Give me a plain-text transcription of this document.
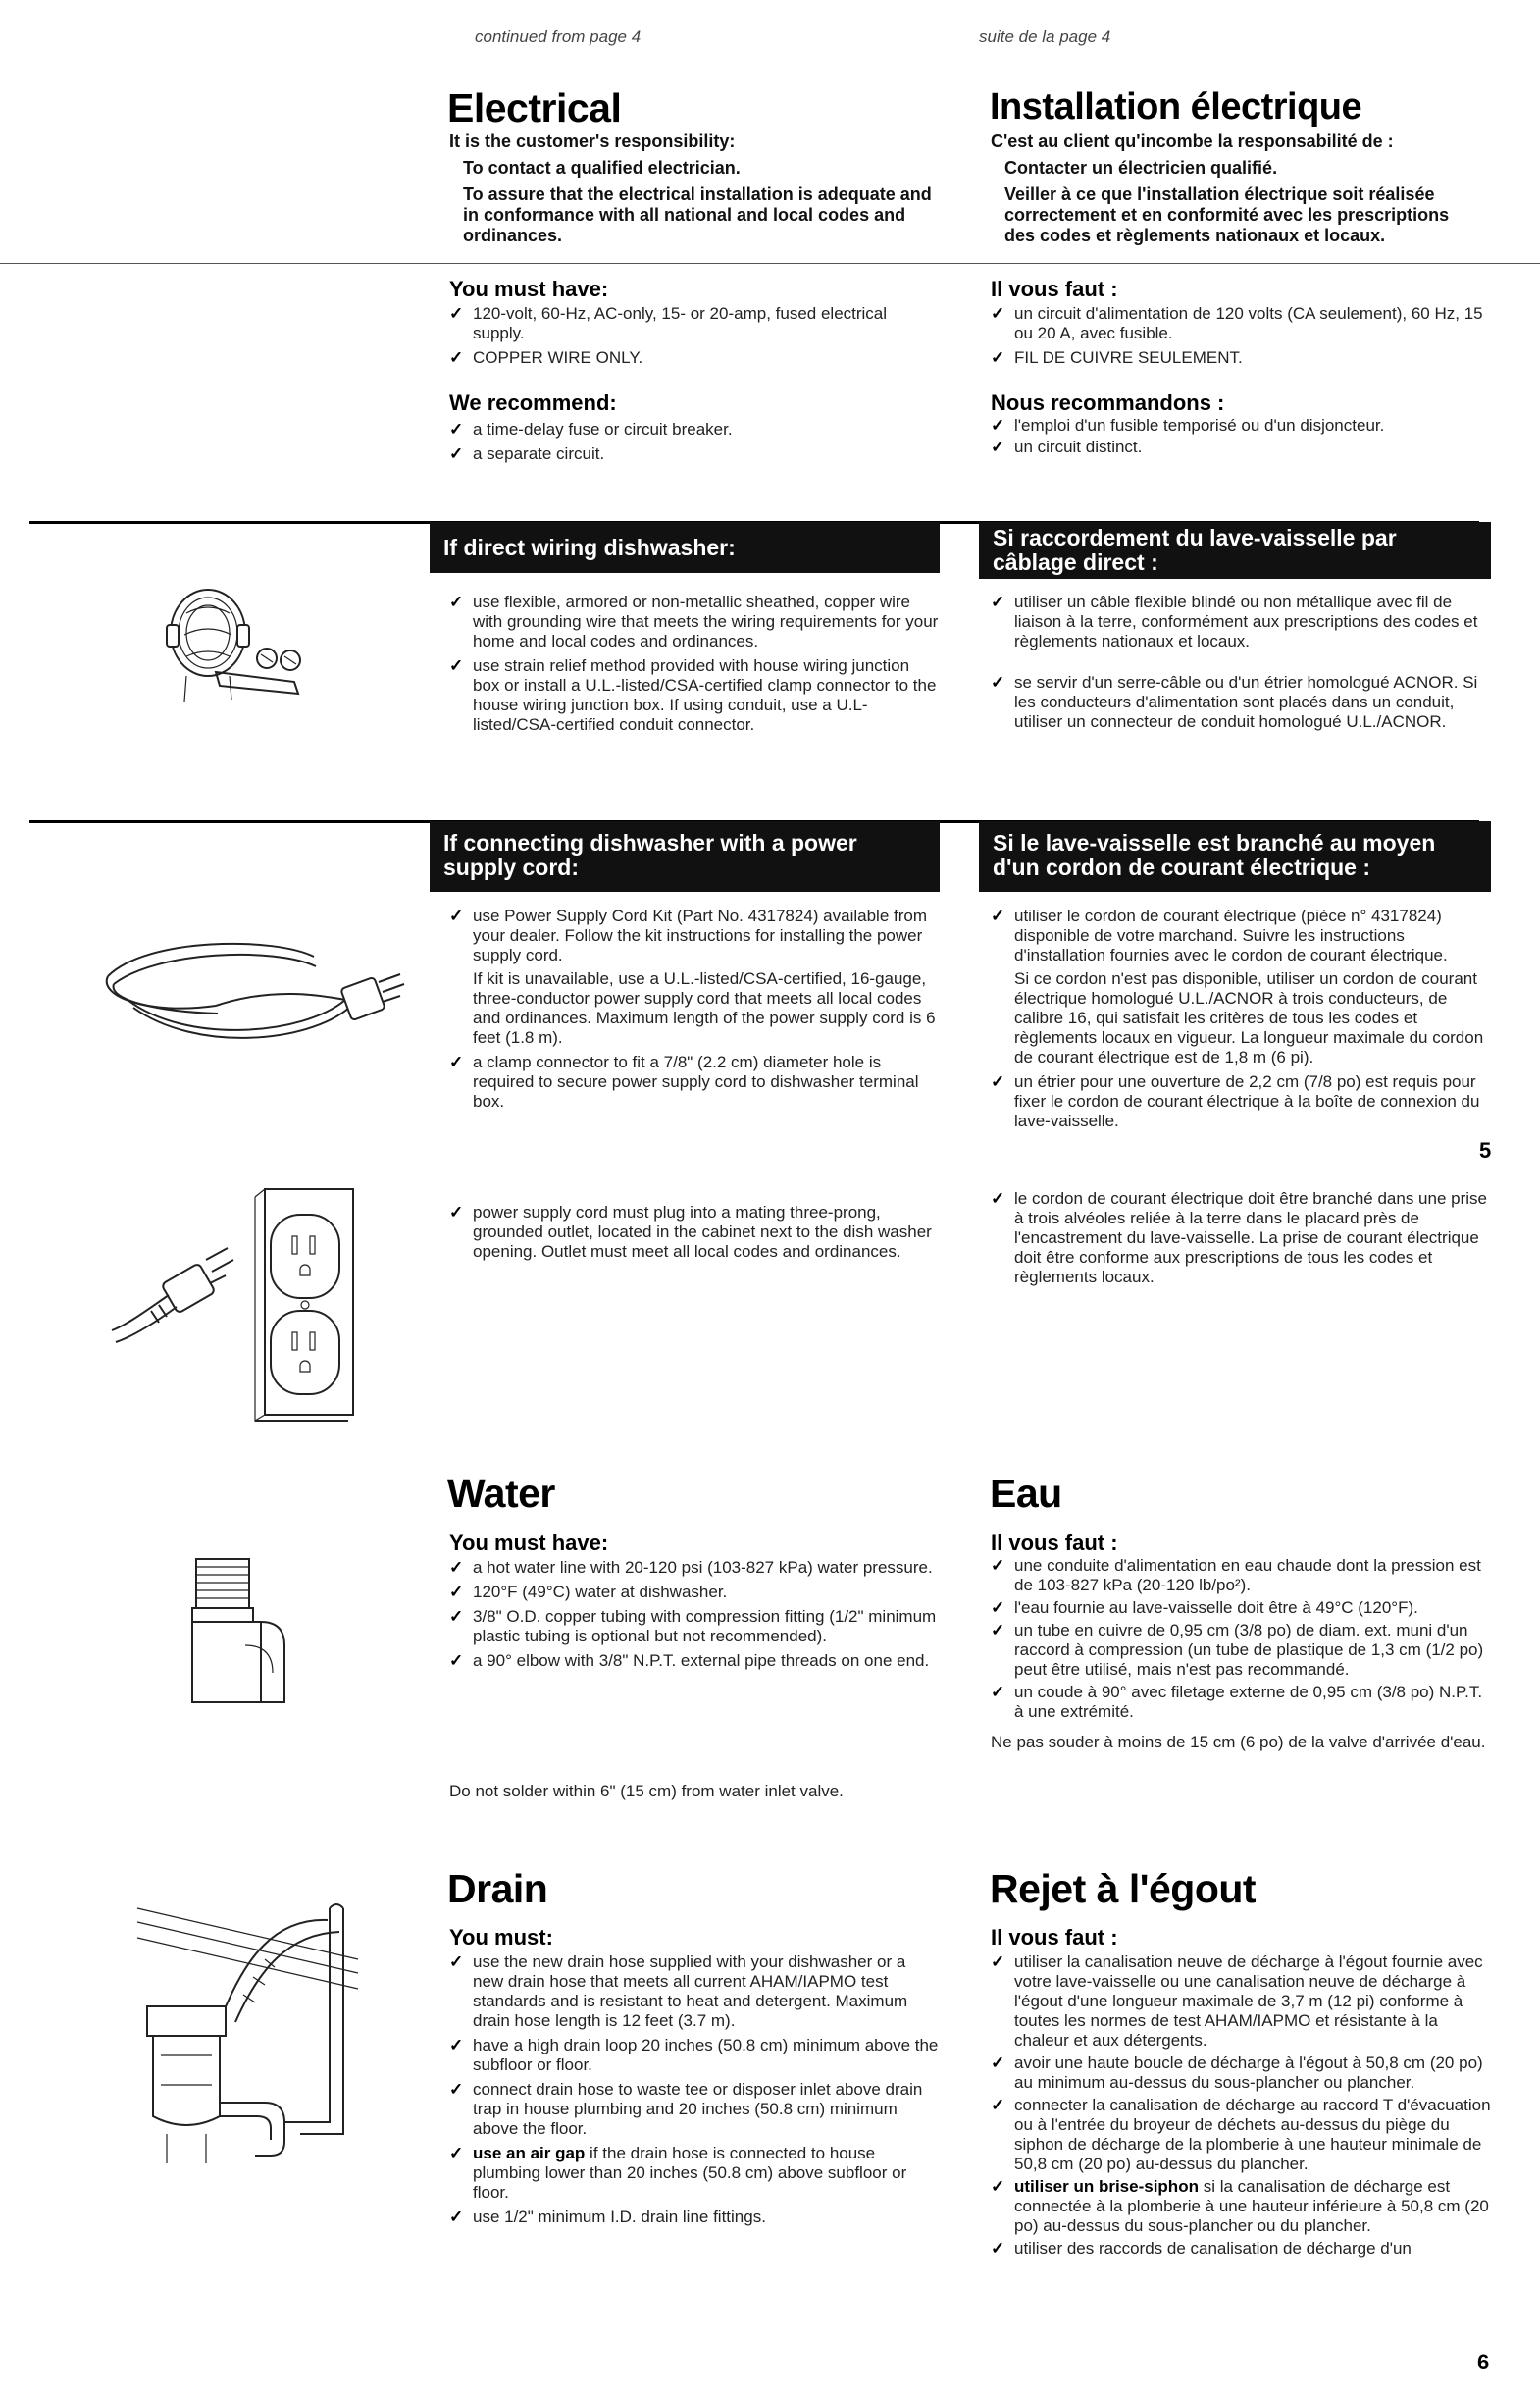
continued from page 4	suite de la page 4
Electrical	Installation électrique

It is the customer's responsibility:

To contact a qualified electrician.

To assure that the electrical installation is adequate and in conformance with all national and local codes and ordinances.

C'est au client qu'incombe la responsabilité de :

Contacter un électricien qualifié.

Veiller à ce que l'installation électrique soit réalisée correctement et en conformité avec les prescriptions des codes et règlements nationaux et locaux.

You must have:	Il vous faut :
✓ 120-volt, 60-Hz, AC-only, 15- or 20-amp, fused electrical supply.
✓ COPPER WIRE ONLY.
✓ un circuit d'alimentation de 120 volts (CA seulement), 60 Hz, 15 ou 20 A, avec fusible.
✓ FIL DE CUIVRE SEULEMENT.
We recommend:	Nous recommandons :
✓ a time-delay fuse or circuit breaker.
✓ a separate circuit.
✓ l'emploi d'un fusible temporisé ou d'un disjoncteur.
✓ un circuit distinct.
If direct wiring dishwasher:	Si raccordement du lave-vaisselle par câblage direct :
✓ use flexible, armored or non-metallic sheathed, copper wire with grounding wire that meets the wiring requirements for your home and local codes and ordinances.
✓ use strain relief method provided with house wiring junction box or install a U.L.-listed/CSA-certified clamp connector to the house wiring junction box. If using conduit, use a U.L-listed/CSA-certified conduit connector.
✓ utiliser un câble flexible blindé ou non métallique avec fil de liaison à la terre, conformément aux prescriptions des codes et règlements nationaux et locaux.
✓ se servir d'un serre-câble ou d'un étrier homologué ACNOR. Si les conducteurs d'alimentation sont placés dans un conduit, utiliser un connecteur de conduit homologué U.L./ACNOR.
If connecting dishwasher with a power supply cord:
Si le lave-vaisselle est branché au moyen d'un cordon de courant électrique :
✓ use Power Supply Cord Kit (Part No. 4317824) available from your dealer. Follow the kit instructions for installing the power supply cord.
If kit is unavailable, use a U.L.-listed/CSA-certified, 16-gauge, three-conductor power supply cord that meets all local codes and ordinances. Maximum length of the power supply cord is 6 feet (1.8 m).
✓ a clamp connector to fit a 7/8" (2.2 cm) diameter hole is required to secure power supply cord to dishwasher terminal box.
✓ utiliser le cordon de courant électrique (pièce n° 4317824) disponible de votre marchand. Suivre les instructions d'installation fournies avec le cordon de courant électrique.
Si ce cordon n'est pas disponible, utiliser un cordon de courant électrique homologué U.L./ACNOR à trois conducteurs, de calibre 16, qui satisfait les critères de tous les codes et règlements locaux en vigueur. La longueur maximale du cordon de courant électrique est de 1,8 m (6 pi).
✓ un étrier pour une ouverture de 2,2 cm (7/8 po) est requis pour fixer le cordon de courant électrique à la boîte de connexion du lave-vaisselle.
5
✓ power supply cord must plug into a mating three-prong, grounded outlet, located in the cabinet next to the dish washer opening. Outlet must meet all local codes and ordinances.
✓ le cordon de courant électrique doit être branché dans une prise à trois alvéoles reliée à la terre dans le placard près de l'encastrement du lave-vaisselle. La prise de courant électrique doit être conforme aux prescriptions de tous les codes et règlements locaux.
Water	Eau
You must have:	Il vous faut :
✓ a hot water line with 20-120 psi (103-827 kPa) water pressure.
✓ 120°F (49°C) water at dishwasher.
✓ 3/8" O.D. copper tubing with compression fitting (1/2" minimum plastic tubing is optional but not recommended).
✓ a 90° elbow with 3/8" N.P.T. external pipe threads on one end.
Do not solder within 6" (15 cm) from water inlet valve.
✓ une conduite d'alimentation en eau chaude dont la pression est de 103-827 kPa (20-120 lb/po²).
✓ l'eau fournie au lave-vaisselle doit être à 49°C (120°F).
✓ un tube en cuivre de 0,95 cm (3/8 po) de diam. ext. muni d'un raccord à compression (un tube de plastique de 1,3 cm (1/2 po) peut être utilisé, mais n'est pas recommandé.
✓ un coude à 90° avec filetage externe de 0,95 cm (3/8 po) N.P.T. à une extrémité.
Ne pas souder à moins de 15 cm (6 po) de la valve d'arrivée d'eau.
Drain	Rejet à l'égout
You must:	Il vous faut :
✓ use the new drain hose supplied with your dishwasher or a new drain hose that meets all current AHAM/IAPMO test standards and is resistant to heat and detergent. Maximum drain hose length is 12 feet (3.7 m).
✓ have a high drain loop 20 inches (50.8 cm) minimum above the subfloor or floor.
✓ connect drain hose to waste tee or disposer inlet above drain trap in house plumbing and 20 inches (50.8 cm) minimum above the floor.
✓ use an air gap if the drain hose is connected to house plumbing lower than 20 inches (50.8 cm) above subfloor or floor.
✓ use 1/2" minimum I.D. drain line fittings.
✓ utiliser la canalisation neuve de décharge à l'égout fournie avec votre lave-vaisselle ou une canalisation neuve de décharge à l'égout d'une longueur maximale de 3,7 m (12 pi) conforme à toutes les normes de test AHAM/IAPMO et résistante à la chaleur et aux détergents.
✓ avoir une haute boucle de décharge à l'égout à 50,8 cm (20 po) au minimum au-dessus du sous-plancher ou plancher.
✓ connecter la canalisation de décharge au raccord T d'évacuation ou à l'entrée du broyeur de déchets au-dessus du piège du siphon de décharge de la plomberie à une hauteur minimale de 50,8 cm (20 po) au-dessus du plancher.
✓ utiliser un brise-siphon si la canalisation de décharge est connectée à la plomberie à une hauteur inférieure à 50,8 cm (20 po) au-dessus du sous-plancher ou du plancher.
✓ utiliser des raccords de canalisation de décharge d'un
6
